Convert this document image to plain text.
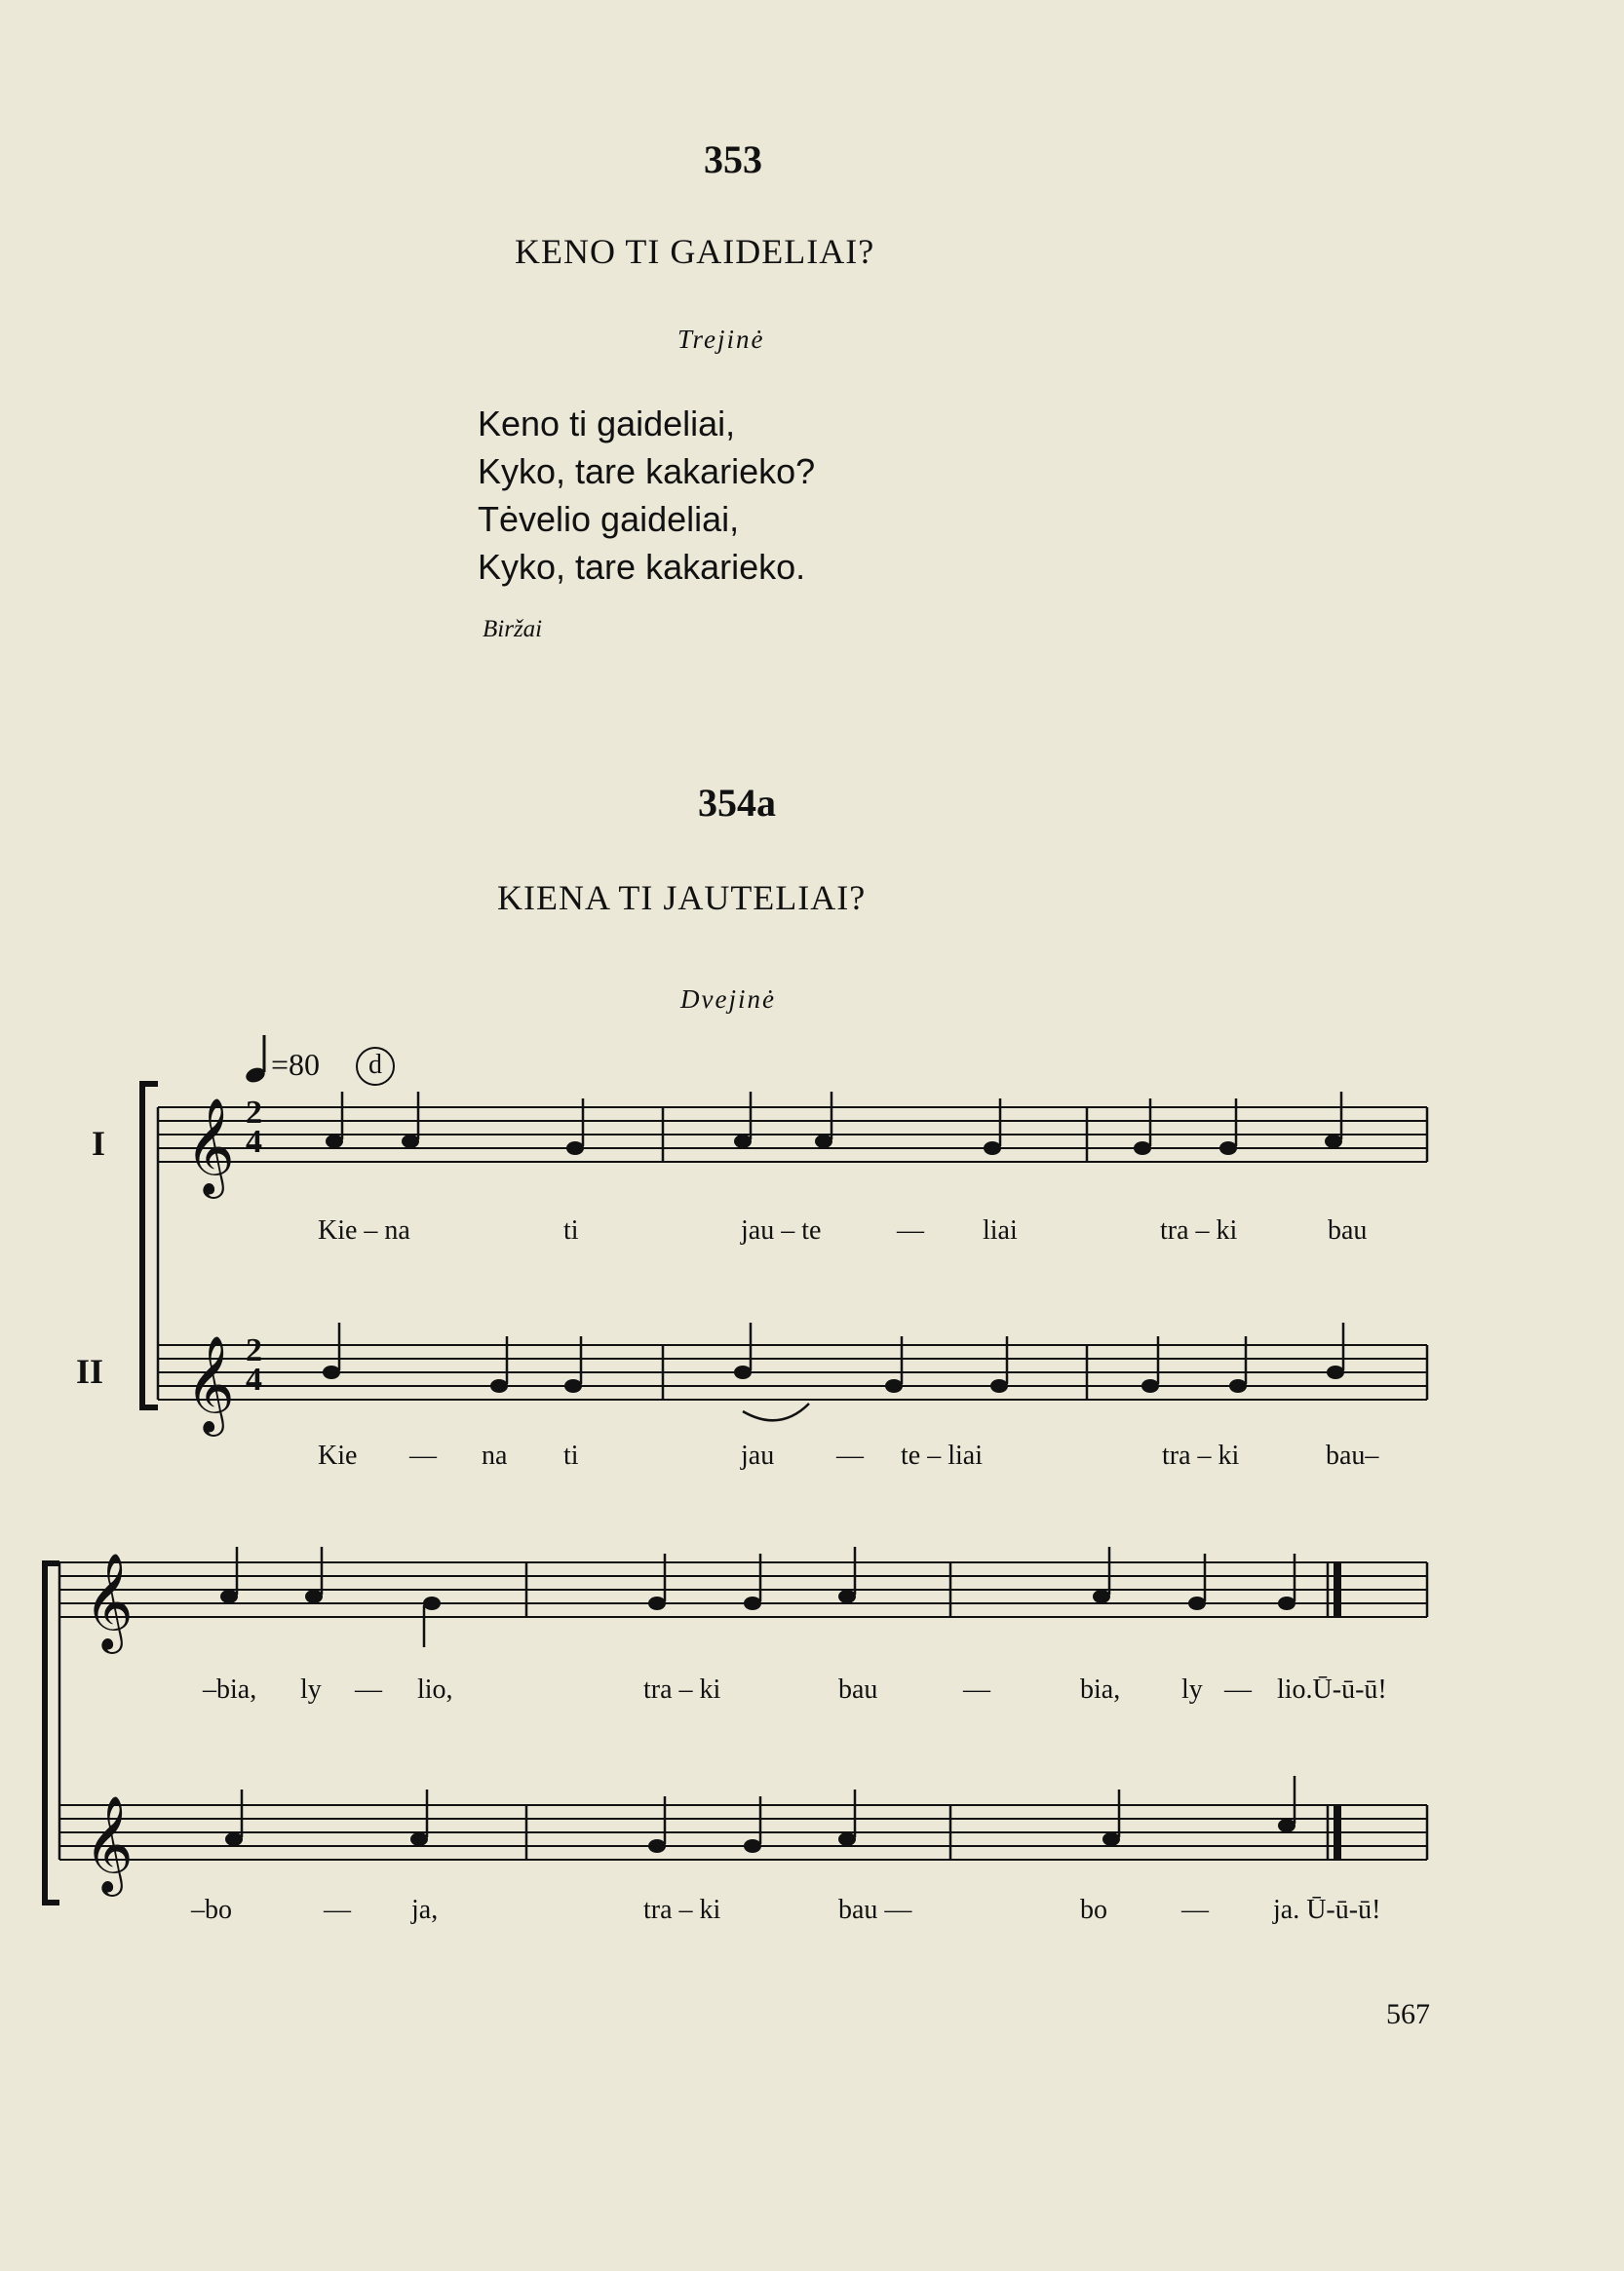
353
KENO TI GAIDELIAI?
Trejinė
Keno ti gaideliai,
Kyko, tare kakarieko?
Tėvelio gaideliai,
Kyko, tare kakarieko.
Biržai
354a
KIENA TI JAUTELIAI?
Dvejinė
=80	d
I
II
𝄞
𝄞
𝄞
𝄞
2
4
2
4
Kie – na	ti	jau – te	— liai	tra – ki	bau
Kie — na ti	jau — te – liai	tra – ki	bau–
–bia, ly — lio,	tra – ki	bau	—	bia, ly — lio.Ū-ū-ū!
–bo	— ja,	tra – ki	bau —	bo	— ja. Ū-ū-ū!
567
